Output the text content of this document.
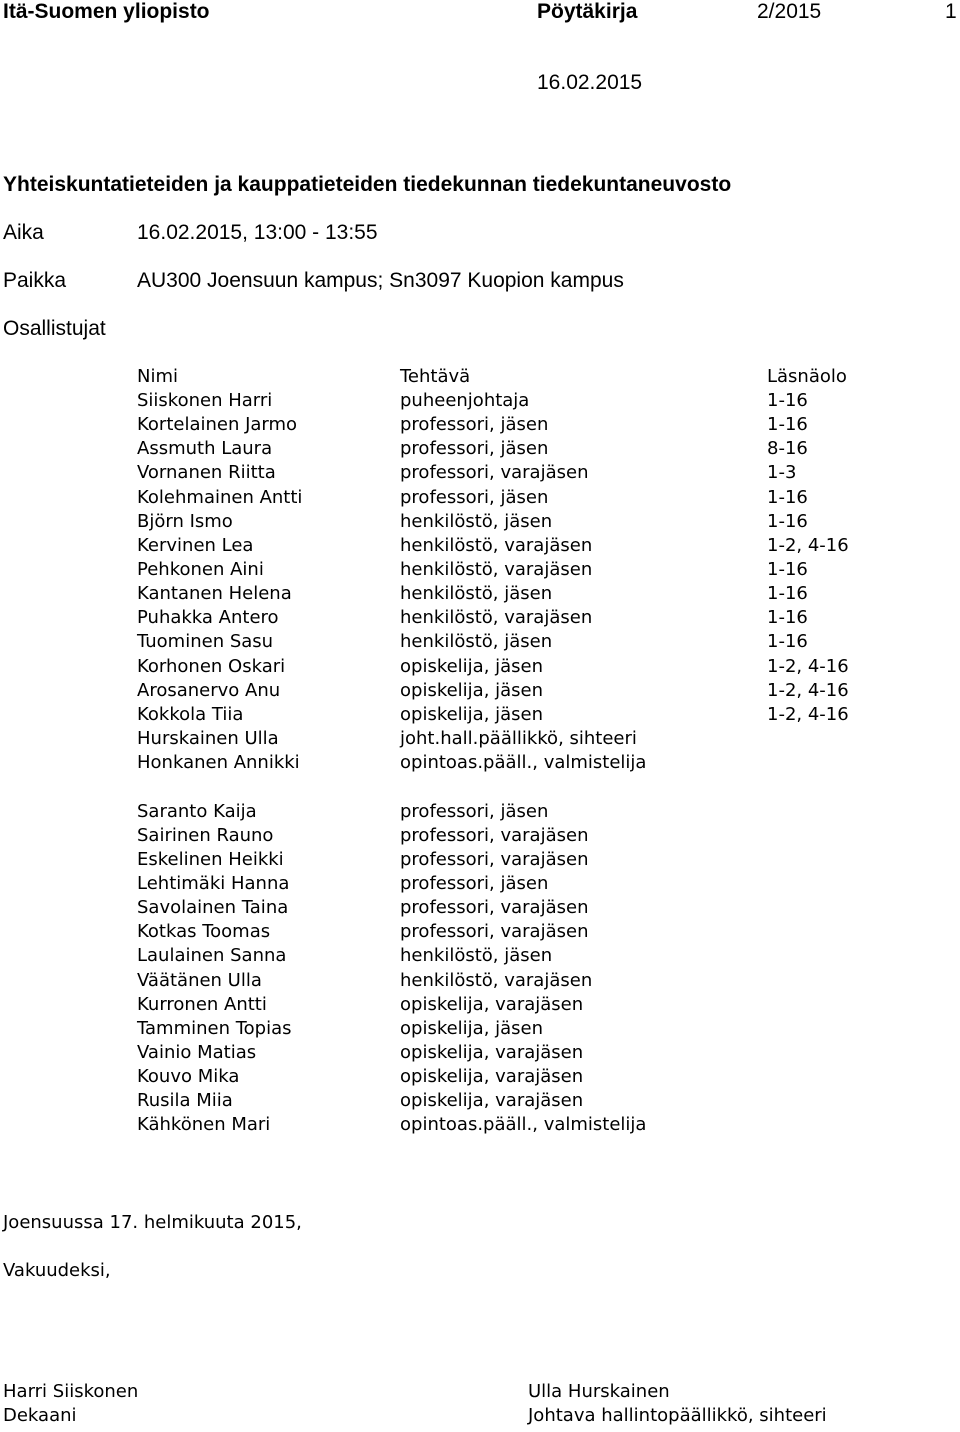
Itä-Suomen yliopisto	Pöytäkirja	2/2015	1
16.02.2015
Yhteiskuntatieteiden ja kauppatieteiden tiedekunnan tiedekuntaneuvosto
Aika	16.02.2015, 13:00 - 13:55
Paikka	AU300 Joensuun kampus; Sn3097 Kuopion kampus
Osallistujat
Nimi	Tehtävä	Läsnäolo
Siiskonen Harri	puheenjohtaja	1-16
Kortelainen Jarmo	professori, jäsen	1-16
Assmuth Laura	professori, jäsen	8-16
Vornanen Riitta	professori, varajäsen	1-3
Kolehmainen Antti	professori, jäsen	1-16
Björn Ismo	henkilöstö, jäsen	1-16
Kervinen Lea	henkilöstö, varajäsen	1-2, 4-16
Pehkonen Aini	henkilöstö, varajäsen	1-16
Kantanen Helena	henkilöstö, jäsen	1-16
Puhakka Antero	henkilöstö, varajäsen	1-16
Tuominen Sasu	henkilöstö, jäsen	1-16
Korhonen Oskari	opiskelija, jäsen	1-2, 4-16
Arosanervo Anu	opiskelija, jäsen	1-2, 4-16
Kokkola Tiia	opiskelija, jäsen	1-2, 4-16
Hurskainen Ulla	joht.hall.päällikkö, sihteeri
Honkanen Annikki	opintoas.pääll., valmistelija
Saranto Kaija	professori, jäsen
Sairinen Rauno	professori, varajäsen
Eskelinen Heikki	professori, varajäsen
Lehtimäki Hanna	professori, jäsen
Savolainen Taina	professori, varajäsen
Kotkas Toomas	professori, varajäsen
Laulainen Sanna	henkilöstö, jäsen
Väätänen Ulla	henkilöstö, varajäsen
Kurronen Antti	opiskelija, varajäsen
Tamminen Topias	opiskelija, jäsen
Vainio Matias	opiskelija, varajäsen
Kouvo Mika	opiskelija, varajäsen
Rusila Miia	opiskelija, varajäsen
Kähkönen Mari	opintoas.pääll., valmistelija
Joensuussa 17. helmikuuta 2015,
Vakuudeksi,
Harri Siiskonen
Dekaani
Ulla Hurskainen
Johtava hallintopäällikkö, sihteeri
